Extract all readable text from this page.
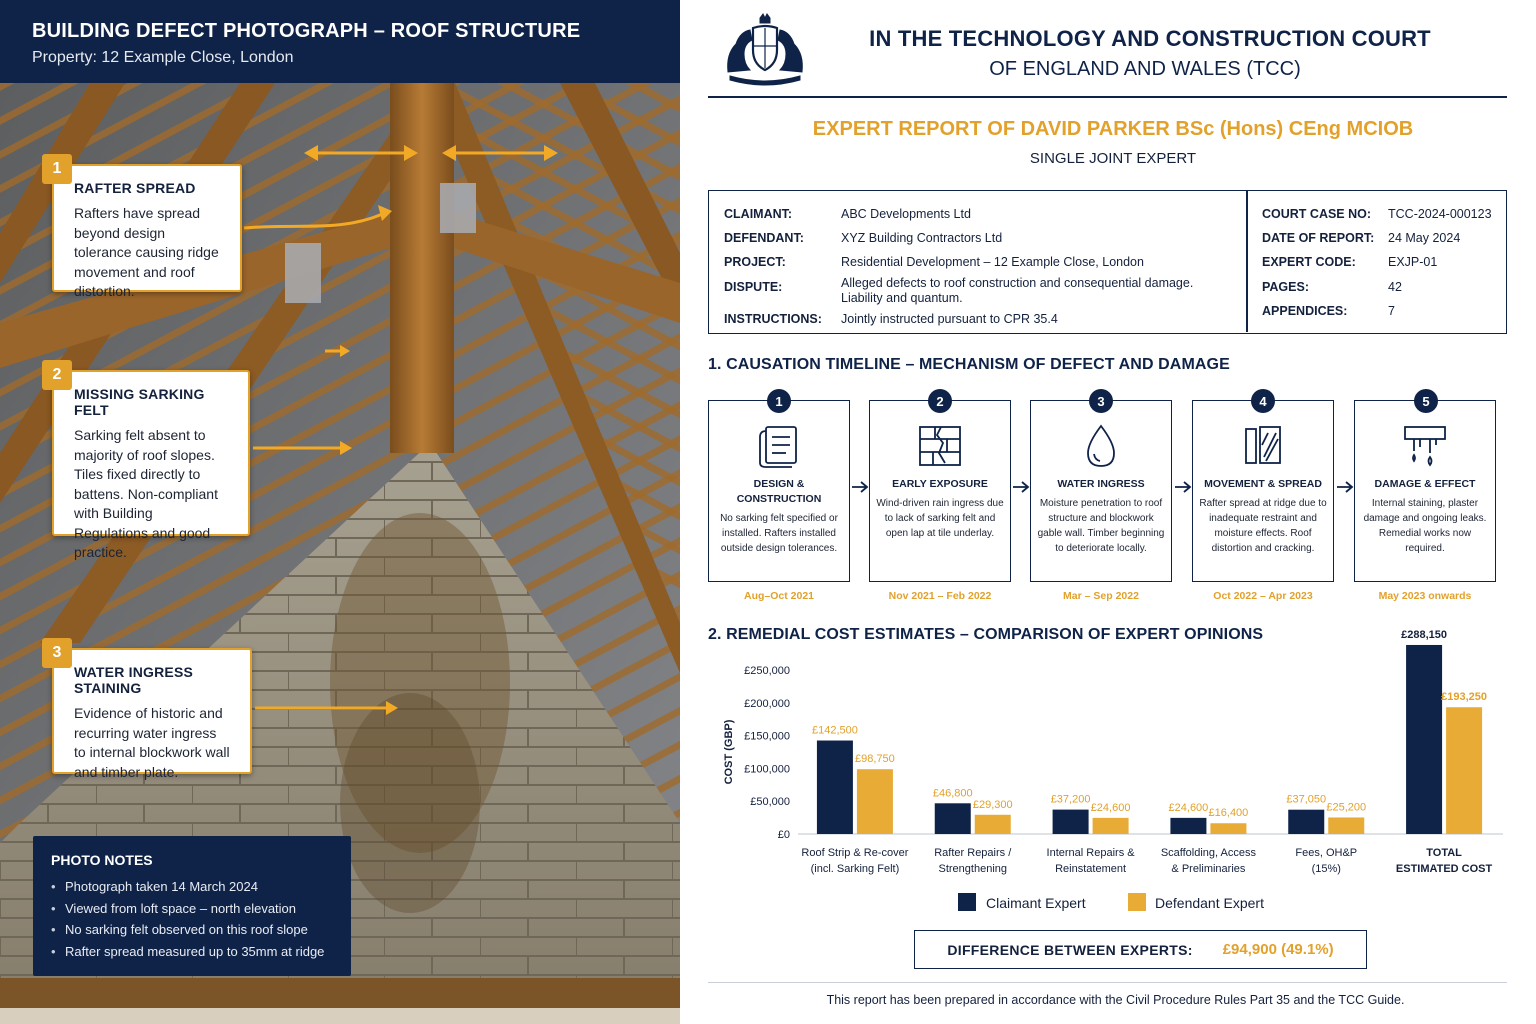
BUILDING DEFECT PHOTOGRAPH – ROOF STRUCTURE
Property: 12 Example Close, London
1
RAFTER SPREAD
Rafters have spread beyond design tolerance causing ridge movement and roof distortion.
2
MISSING SARKING FELT
Sarking felt absent to majority of roof slopes. Tiles fixed directly to battens. Non-compliant with Building Regulations and good practice.
3
WATER INGRESS STAINING
Evidence of historic and recurring water ingress to internal blockwork wall and timber plate.
PHOTO NOTES
• Photograph taken 14 March 2024
• Viewed from loft space – north elevation
• No sarking felt observed on this roof slope
• Rafter spread measured up to 35mm at ridge
IN THE TECHNOLOGY AND CONSTRUCTION COURT
OF ENGLAND AND WALES (TCC)
EXPERT REPORT OF DAVID PARKER BSc (Hons) CEng MCIOB
SINGLE JOINT EXPERT
CLAIMANT:	ABC Developments Ltd
DEFENDANT:	XYZ Building Contractors Ltd
PROJECT:	Residential Development – 12 Example Close, London
DISPUTE:	Alleged defects to roof construction and consequential damage. Liability and quantum.
INSTRUCTIONS: Jointly instructed pursuant to CPR 35.4
COURT CASE NO: TCC-2024-000123
DATE OF REPORT: 24 May 2024
EXPERT CODE:	EXJP-01
PAGES:	42
APPENDICES:	7
1. CAUSATION TIMELINE – MECHANISM OF DEFECT AND DAMAGE
1
DESIGN & CONSTRUCTION
No sarking felt specified or installed. Rafters installed outside design tolerances.
Aug–Oct 2021
2
EARLY EXPOSURE
Wind-driven rain ingress due to lack of sarking felt and open lap at tile underlay.
Nov 2021 – Feb 2022
3
WATER INGRESS
Moisture penetration to roof structure and blockwork gable wall. Timber beginning to deteriorate locally.
Mar – Sep 2022
4
MOVEMENT & SPREAD
Rafter spread at ridge due to inadequate restraint and moisture effects. Roof distortion and cracking.
Oct 2022 – Apr 2023
5
DAMAGE & EFFECT
Internal staining, plaster damage and ongoing leaks. Remedial works now required.
May 2023 onwards
2. REMEDIAL COST ESTIMATES – COMPARISON OF EXPERT OPINIONS
COST (GBP)
£0
£50,000
£100,000
£150,000
£200,000
£250,000
£142,500
£98,750
Roof Strip & Re-cover
(incl. Sarking Felt)
£46,800
£29,300
Rafter Repairs /
Strengthening
£37,200
£24,600
Internal Repairs &
Reinstatement
£24,600 £16,400
Scaffolding, Access
& Preliminaries
£37,050
£25,200
Fees, OH&P
(15%)
£288,150
£193,250
TOTAL
ESTIMATED COST
Claimant Expert	Defendant Expert
DIFFERENCE BETWEEN EXPERTS: £94,900 (49.1%)
This report has been prepared in accordance with the Civil Procedure Rules Part 35 and the TCC Guide.
